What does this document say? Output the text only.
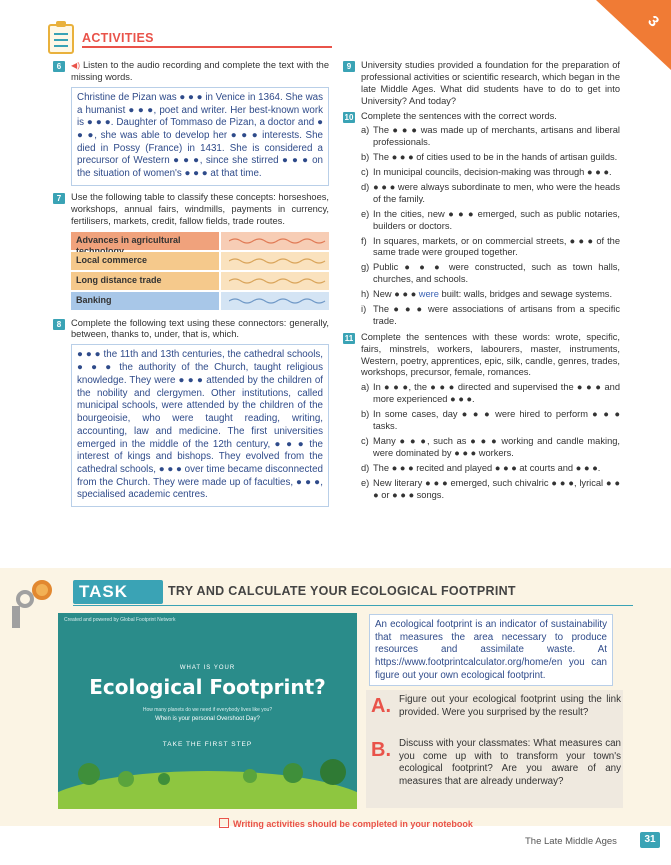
3
ACTIVITIES
6	◀) Listen to the audio recording and complete the text with the missing words.
Christine de Pizan was ● ● ● in Venice in 1364. She was a humanist ● ● ●, poet and writer. Her best-known work is ● ● ●. Daughter of Tommaso de Pizan, a doctor and ● ● ●, she was able to develop her ● ● ● interests. She died in Possy (France) in 1431. She is considered a precursor of Western ● ● ●, since she stirred ● ● ● on the situation of women's ● ● ● at that time.
7	Use the following table to classify these concepts: horseshoes, workshops, annual fairs, windmills, payments in currency, fertilisers, markets, credit, fallow fields, trade routes.
Advances in agricultural
Local commerce
Long distance trade
Banking
8	Complete the following text using these connectors: generally, between, thanks to, under, that is, which.
● ● ● the 11th and 13th centuries, the cathedral schools, ● ● ● the authority of the Church, taught religious knowledge. They were ● ● ● attended by the children of the nobility and clergymen. Other institutions, called municipal schools, were attended by the children of the bourgeoisie, who were taught reading, writing, accounting, law and medicine. The first universities emerged in the middle of the 12th century, ● ● ● the interest of kings and bishops. They evolved from the cathedral schools, ● ● ● over time became disconnected from the Church. They were made up of faculties, ● ● ●, specialised academic centres.
9	University studies provided a foundation for the preparation of professional activities or scientific research, which began in the late Middle Ages. What did students have to do to get into University? And today?
10 Complete the sentences with the correct words.
a) The ● ● ● was made up of merchants, artisans and liberal professionals.
b) The ● ● ● of cities used to be in the hands of artisan guilds.
c) In municipal councils, decision-making was through ● ● ●.
d) ● ● ● were always subordinate to men, who were the heads of the family.
e) In the cities, new ● ● ● emerged, such as public notaries, builders or doctors.
f) In squares, markets, or on commercial streets, ● ● ● of the same trade were grouped together.
g) Public ● ● ● were constructed, such as town halls, churches, and schools.
h) New ● ● ● were built: walls, bridges and sewage systems.
i) The ● ● ● were associations of artisans from a specific trade.
11 Complete the sentences with these words: wrote, specific, fairs, minstrels, workers, labourers, master, instruments, Western, poetry, apprentices, epic, silk, candle, genres, trades, workshops, precursor, female, romances.
a) In ● ● ●, the ● ● ● directed and supervised the ● ● ● and more experienced ● ● ●.
b) In some cases, day ● ● ● were hired to perform ● ● ● tasks.
c) Many ● ● ●, such as ● ● ● working and candle making, were dominated by ● ● ● workers.
d) The ● ● ● recited and played ● ● ● at courts and ● ● ●.
e) New literary ● ● ● emerged, such chivalric ● ● ●, lyrical ● ● ● or ● ● ● songs.
TASK	TRY AND CALCULATE YOUR ECOLOGICAL FOOTPRINT
Created and powered by Global Footprint Network
WHAT IS YOUR
Ecological Footprint?
How many planets do we need if everybody lives like you?
When is your personal Overshoot Day?
TAKE THE FIRST STEP
An ecological footprint is an indicator of sustainability that measures the area necessary to produce resources and assimilate waste. At https://www.footprintcalculator.org/home/en you can figure out your own ecological footprint.
A. Figure out your ecological footprint using the link provided. Were you surprised by the result?
B. Discuss with your classmates: What measures can you come up with to transform your town's ecological footprint? Are you aware of any measures that are already underway?
Writing activities should be completed in your notebook
The Late Middle Ages	31
